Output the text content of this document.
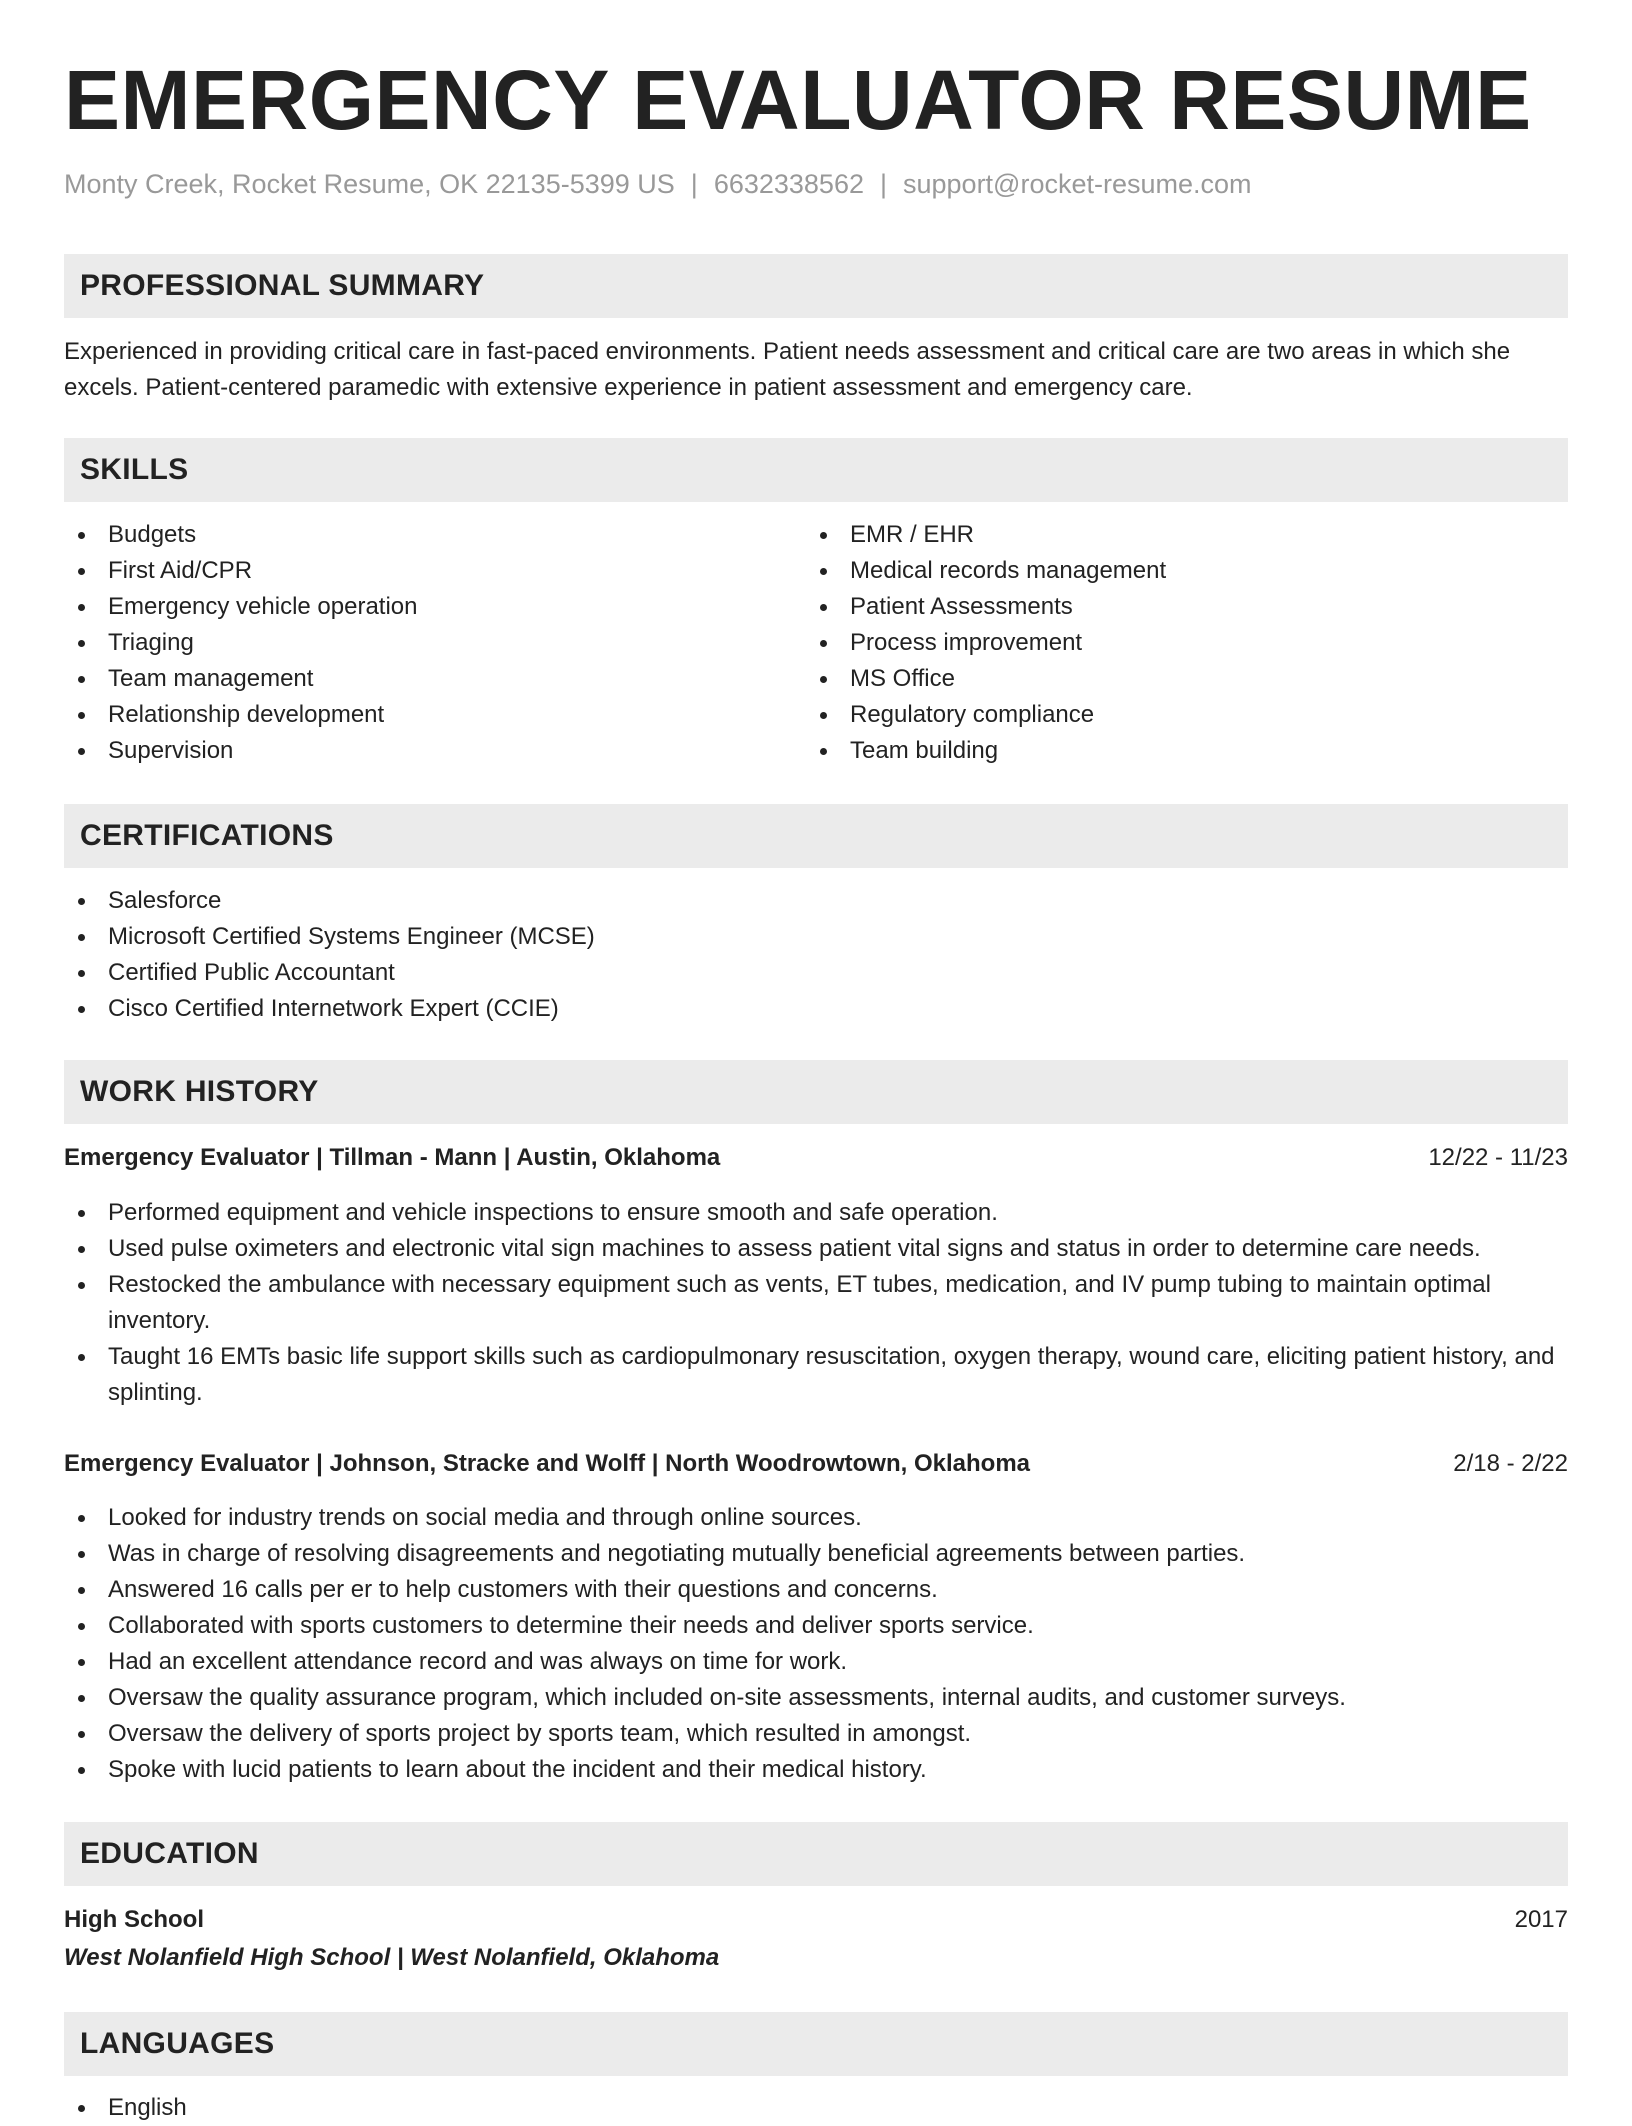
EMERGENCY EVALUATOR RESUME
Monty Creek, Rocket Resume, OK 22135-5399 US | 6632338562 | support@rocket-resume.com
PROFESSIONAL SUMMARY
Experienced in providing critical care in fast-paced environments. Patient needs assessment and critical care are two areas in which she excels. Patient-centered paramedic with extensive experience in patient assessment and emergency care.
SKILLS
Budgets
First Aid/CPR
Emergency vehicle operation
Triaging
Team management
Relationship development
Supervision
EMR / EHR
Medical records management
Patient Assessments
Process improvement
MS Office
Regulatory compliance
Team building
CERTIFICATIONS
Salesforce
Microsoft Certified Systems Engineer (MCSE)
Certified Public Accountant
Cisco Certified Internetwork Expert (CCIE)
WORK HISTORY
Emergency Evaluator | Tillman - Mann | Austin, Oklahoma	12/22 - 11/23
Performed equipment and vehicle inspections to ensure smooth and safe operation.
Used pulse oximeters and electronic vital sign machines to assess patient vital signs and status in order to determine care needs.
Restocked the ambulance with necessary equipment such as vents, ET tubes, medication, and IV pump tubing to maintain optimal inventory.
Taught 16 EMTs basic life support skills such as cardiopulmonary resuscitation, oxygen therapy, wound care, eliciting patient history, and splinting.
Emergency Evaluator | Johnson, Stracke and Wolff | North Woodrowtown, Oklahoma	2/18 - 2/22
Looked for industry trends on social media and through online sources.
Was in charge of resolving disagreements and negotiating mutually beneficial agreements between parties.
Answered 16 calls per er to help customers with their questions and concerns.
Collaborated with sports customers to determine their needs and deliver sports service.
Had an excellent attendance record and was always on time for work.
Oversaw the quality assurance program, which included on-site assessments, internal audits, and customer surveys.
Oversaw the delivery of sports project by sports team, which resulted in amongst.
Spoke with lucid patients to learn about the incident and their medical history.
EDUCATION
High School	2017
West Nolanfield High School | West Nolanfield, Oklahoma
LANGUAGES
English
